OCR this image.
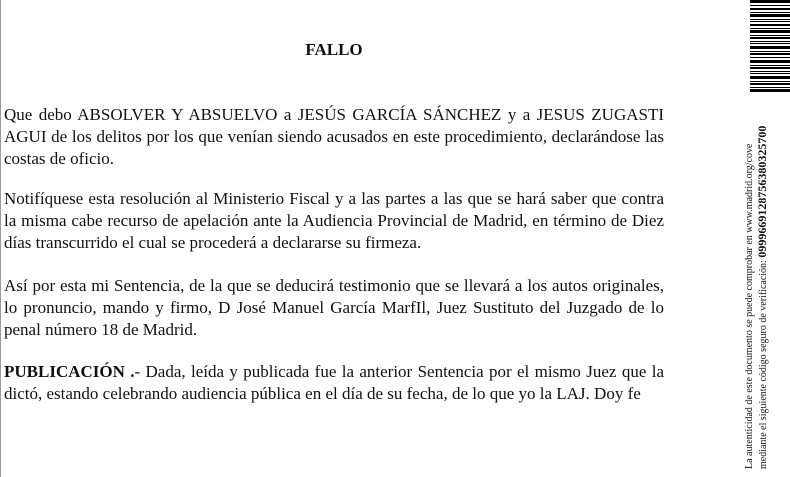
FALLO

Que debo ABSOLVER Y ABSUELVO a JESÚS GARCÍA SÁNCHEZ y a JESUS ZUGASTI AGUI de los delitos por los que venían siendo acusados en este procedimiento, declarándose las costas de oficio.

Notifíquese esta resolución al Ministerio Fiscal y a las partes a las que se hará saber que contra la misma cabe recurso de apelación ante la Audiencia Provincial de Madrid, en término de Diez días transcurrido el cual se procederá a declararse su firmeza.

Así por esta mi Sentencia, de la que se deducirá testimonio que se llevará a los autos originales, lo pronuncio, mando y firmo, D José Manuel García MarfIl, Juez Sustituto del Juzgado de lo penal número 18 de Madrid.

PUBLICACIÓN .- Dada, leída y publicada fue la anterior Sentencia por el mismo Juez que la dictó, estando celebrando audiencia pública en el día de su fecha, de lo que yo la LAJ. Doy fe	La autenticidad de este documento se puede comprobar en www.madrid.org/cove mediante el siguiente código seguro de verificación: 0999669128756380325700
